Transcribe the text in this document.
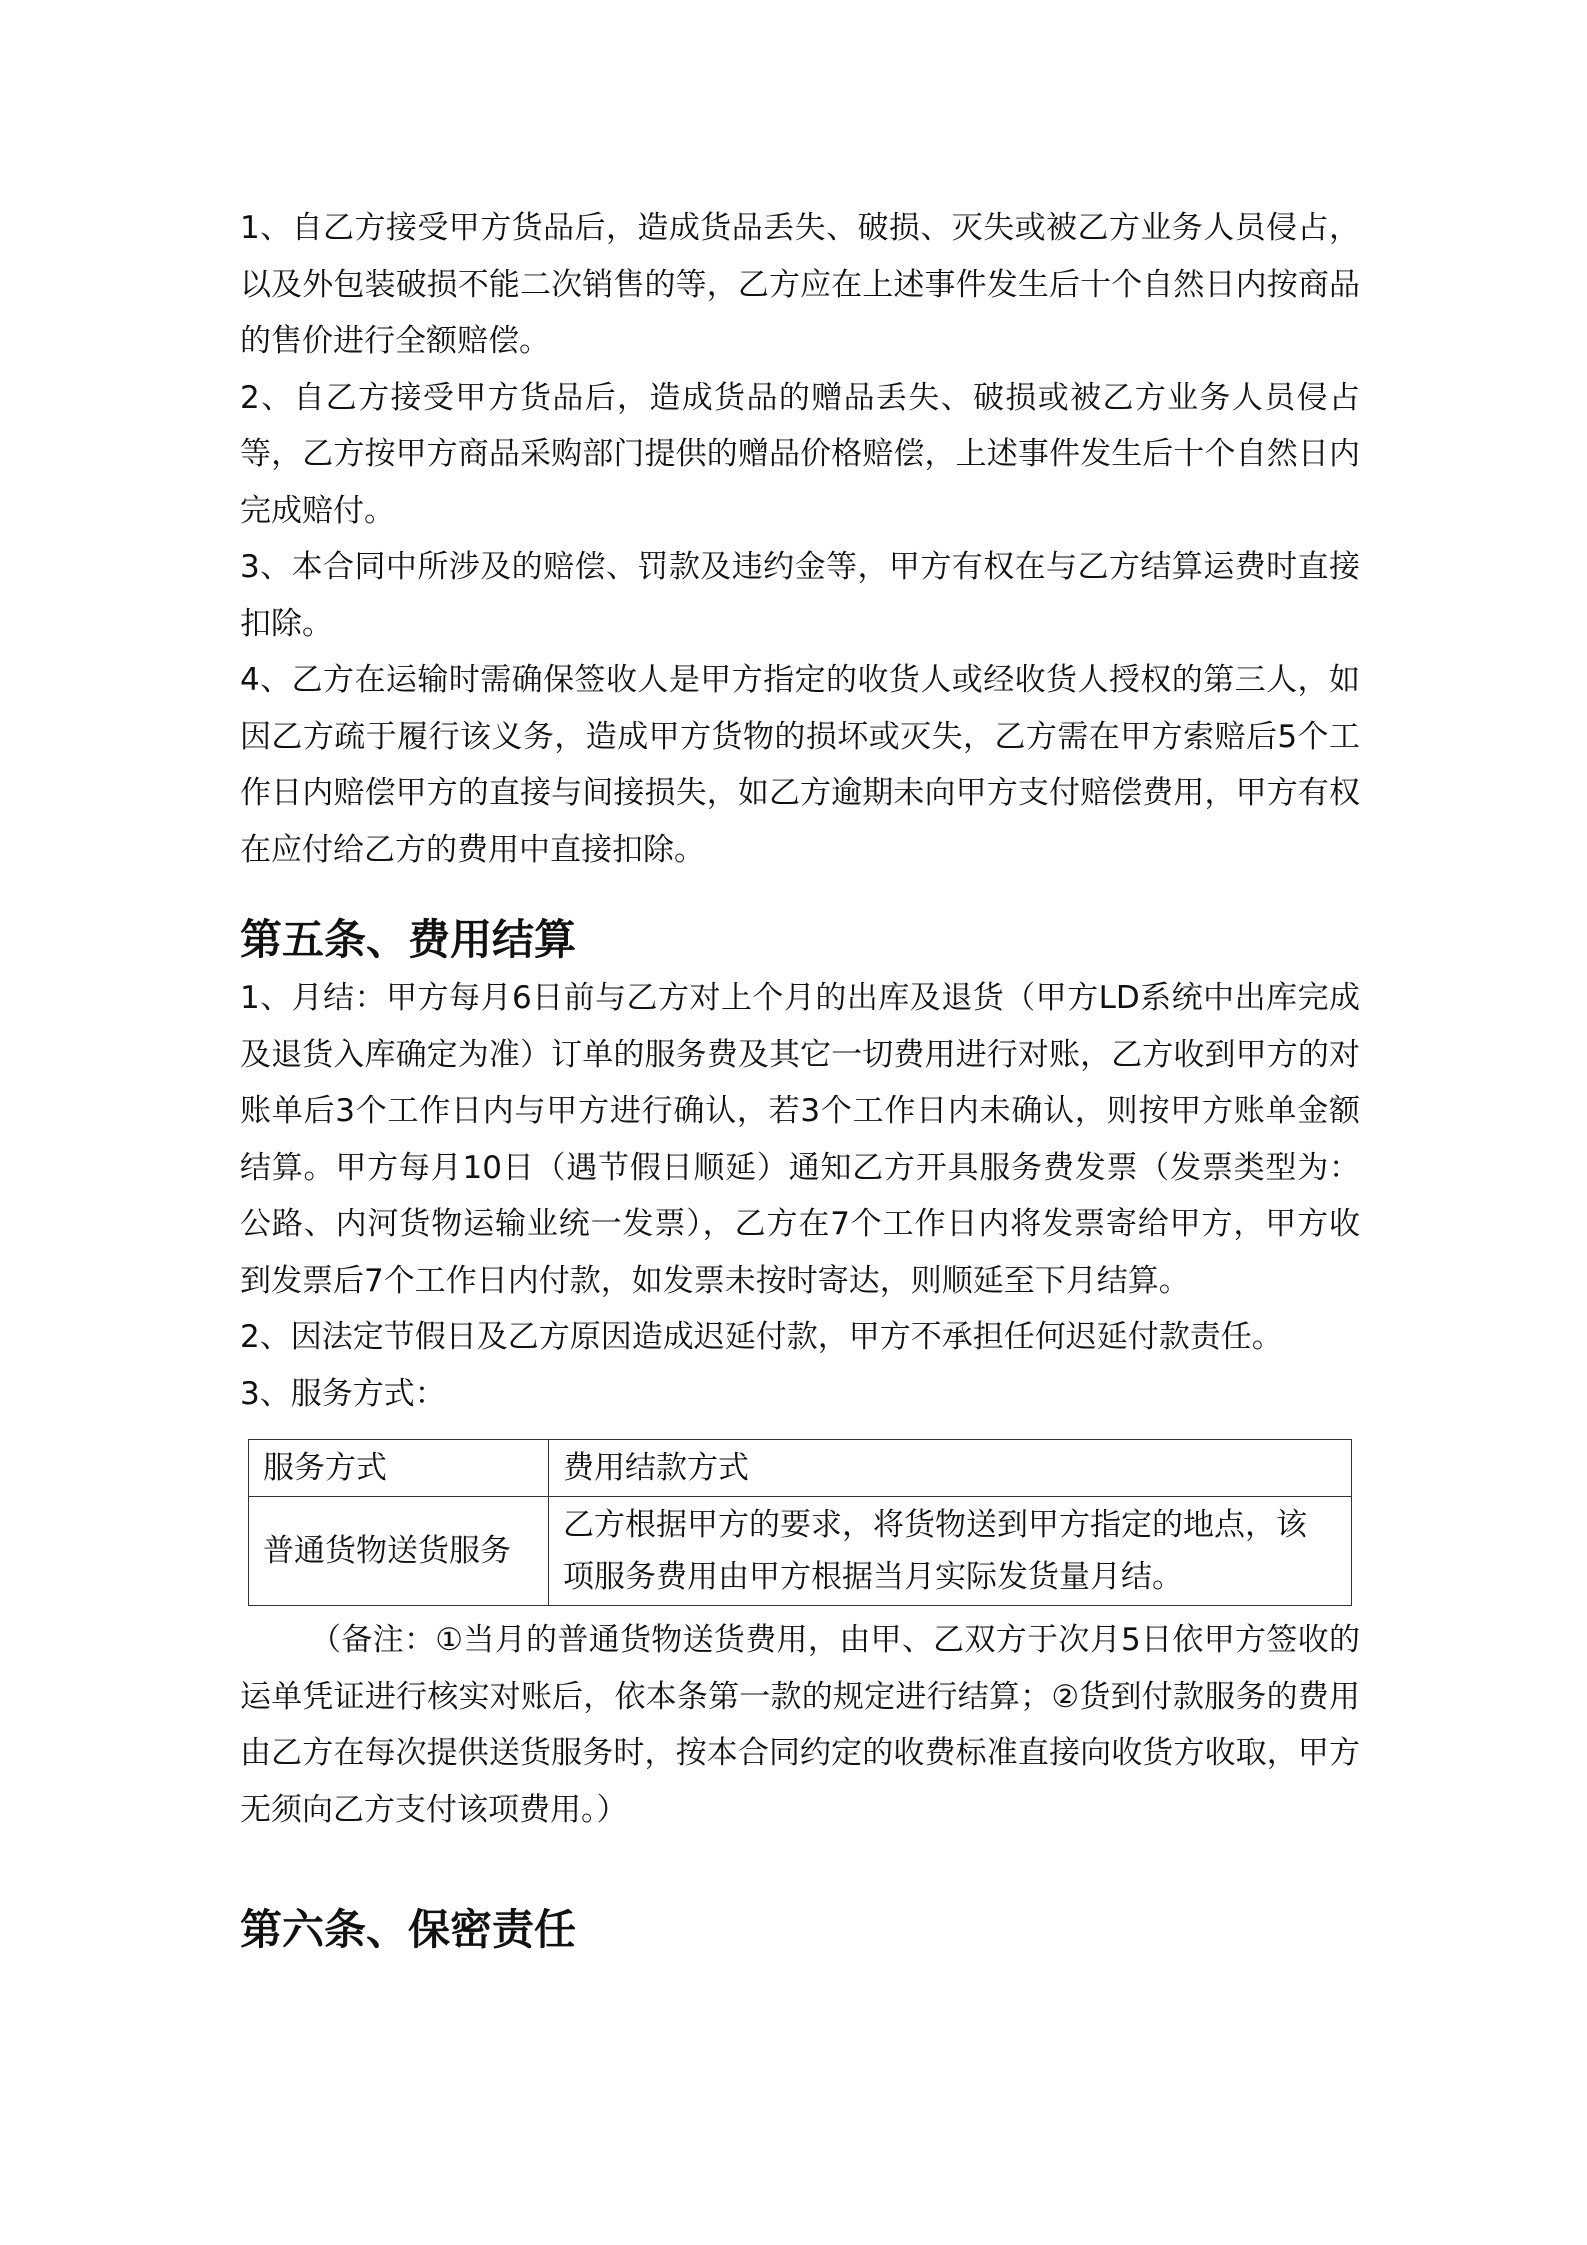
1、自乙方接受甲方货品后，造成货品丢失、破损、灭失或被乙方业务人员侵占，以及外包装破损不能二次销售的等，乙方应在上述事件发生后十个自然日内按商品的售价进行全额赔偿。

2、自乙方接受甲方货品后，造成货品的赠品丢失、破损或被乙方业务人员侵占等，乙方按甲方商品采购部门提供的赠品价格赔偿，上述事件发生后十个自然日内完成赔付。

3、本合同中所涉及的赔偿、罚款及违约金等，甲方有权在与乙方结算运费时直接扣除。

4、乙方在运输时需确保签收人是甲方指定的收货人或经收货人授权的第三人，如因乙方疏于履行该义务，造成甲方货物的损坏或灭失，乙方需在甲方索赔后5个工作日内赔偿甲方的直接与间接损失，如乙方逾期未向甲方支付赔偿费用，甲方有权在应付给乙方的费用中直接扣除。

第五条、费用结算

1、月结：甲方每月6日前与乙方对上个月的出库及退货（甲方LD系统中出库完成及退货入库确定为准）订单的服务费及其它一切费用进行对账，乙方收到甲方的对账单后3个工作日内与甲方进行确认，若3个工作日内未确认，则按甲方账单金额结算。甲方每月10日（遇节假日顺延）通知乙方开具服务费发票（发票类型为： 公路、内河货物运输业统一发票），乙方在7个工作日内将发票寄给甲方，甲方收到发票后7个工作日内付款，如发票未按时寄达，则顺延至下月结算。

2、因法定节假日及乙方原因造成迟延付款，甲方不承担任何迟延付款责任。

3、服务方式：

服务方式	费用结款方式
普通货物送货服务	乙方根据甲方的要求，将货物送到甲方指定的地点，该项服务费用由甲方根据当月实际发货量月结。

（备注：①当月的普通货物送货费用，由甲、乙双方于次月5日依甲方签收的运单凭证进行核实对账后，依本条第一款的规定进行结算；②货到付款服务的费用由乙方在每次提供送货服务时，按本合同约定的收费标准直接向收货方收取，甲方无须向乙方支付该项费用。）

第六条、保密责任
